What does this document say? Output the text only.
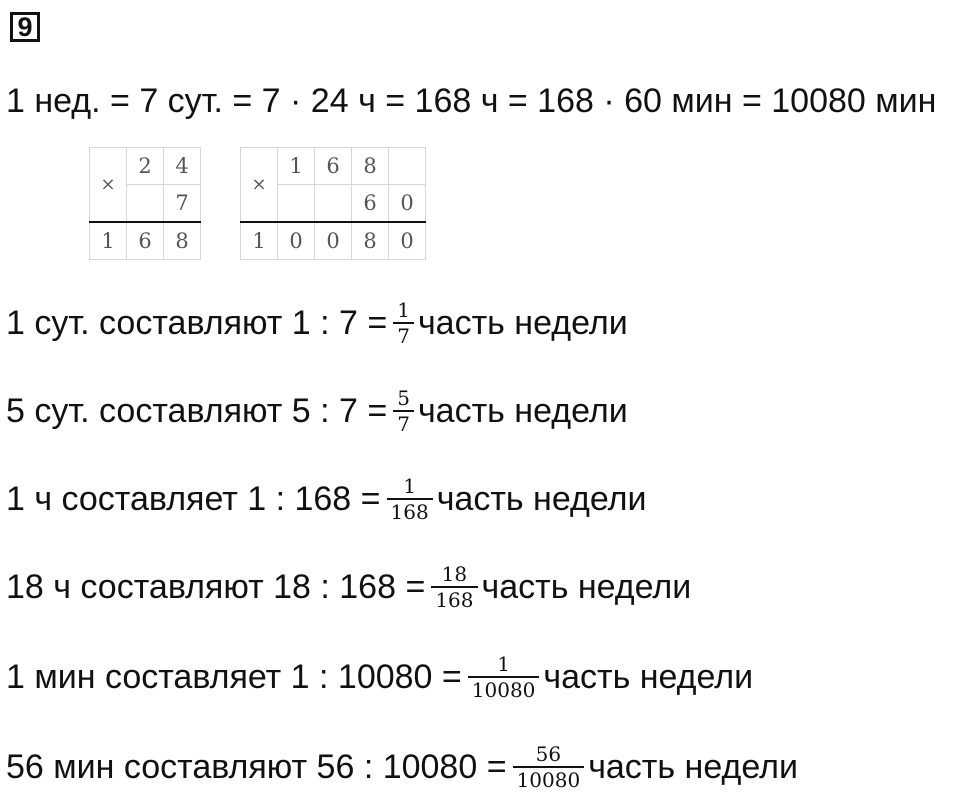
9
1 нед. = 7 сут. = 7 · 24 ч = 168 ч = 168 · 60 мин = 10080 мин
×	2	4
		7
1	6	8
×	1	6	8	
			6	0
1	0	0	8	0
1 сут. составляют 1 : $7 = \frac{1}{7}$ часть недели
5 сут. составляют 5 : $7 = \frac{5}{7}$ часть недели
1 ч составляет 1 : $168 = \frac{1}{168}$ часть недели
18 ч составляют 18 : $168 = \frac{18}{168}$ часть недели
1 мин составляет 1 : $10080 = \frac{1}{10080}$ часть недели
56 мин составляют 56 : $10080 = \frac{56}{10080}$ часть недели
